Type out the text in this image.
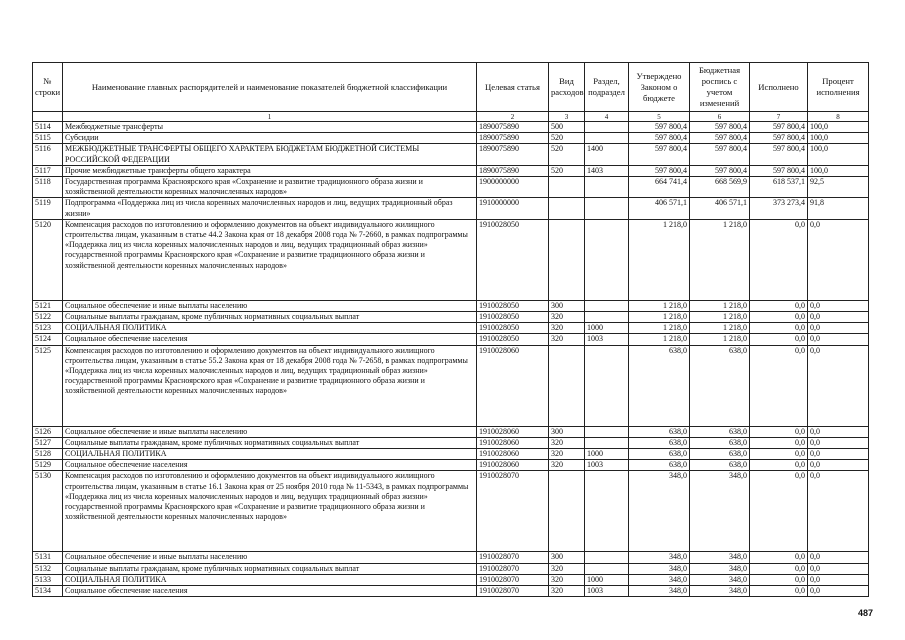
№ строки	Наименование главных распорядителей и наименование показателей бюджетной классификации	Целевая статья	Вид расходов	Раздел, подраздел	Утверждено Законом о бюджете	Бюджетная роспись с учетом изменений	Исполнено	Процент исполнения
	1	2	3	4	5	6	7	8
5114	Межбюджетные трансферты	1890075890	500		597 800,4	597 800,4	597 800,4	100,0
5115	Субсидии	1890075890	520		597 800,4	597 800,4	597 800,4	100,0
5116	МЕЖБЮДЖЕТНЫЕ ТРАНСФЕРТЫ ОБЩЕГО ХАРАКТЕРА БЮДЖЕТАМ БЮДЖЕТНОЙ СИСТЕМЫ РОССИЙСКОЙ ФЕДЕРАЦИИ	1890075890	520	1400	597 800,4	597 800,4	597 800,4	100,0
5117	Прочие межбюджетные трансферты общего характера	1890075890	520	1403	597 800,4	597 800,4	597 800,4	100,0
5118	Государственная программа Красноярского края «Сохранение и развитие традиционного образа жизни и хозяйственной деятельности коренных малочисленных народов»	1900000000			664 741,4	668 569,9	618 537,1	92,5
5119	Подпрограмма «Поддержка лиц из числа коренных малочисленных народов и лиц, ведущих традиционный образ жизни»	1910000000			406 571,1	406 571,1	373 273,4	91,8
5120	Компенсация расходов по изготовлению и оформлению документов на объект индивидуального жилищного строительства лицам, указанным в статье 44.2 Закона края от 18 декабря 2008 года № 7-2660, в рамках подпрограммы «Поддержка лиц из числа коренных малочисленных народов и лиц, ведущих традиционный образ жизни» государственной программы Красноярского края «Сохранение и развитие традиционного образа жизни и хозяйственной деятельности коренных малочисленных народов»	1910028050			1 218,0	1 218,0	0,0	0,0
5121	Социальное обеспечение и иные выплаты населению	1910028050	300		1 218,0	1 218,0	0,0	0,0
5122	Социальные выплаты гражданам, кроме публичных нормативных социальных выплат	1910028050	320		1 218,0	1 218,0	0,0	0,0
5123	СОЦИАЛЬНАЯ ПОЛИТИКА	1910028050	320	1000	1 218,0	1 218,0	0,0	0,0
5124	Социальное обеспечение населения	1910028050	320	1003	1 218,0	1 218,0	0,0	0,0
5125	Компенсация расходов по изготовлению и оформлению документов на объект индивидуального жилищного строительства лицам, указанным в статье 55.2 Закона края от 18 декабря 2008 года № 7-2658, в рамках подпрограммы «Поддержка лиц из числа коренных малочисленных народов и лиц, ведущих традиционный образ жизни» государственной программы Красноярского края «Сохранение и развитие традиционного образа жизни и хозяйственной деятельности коренных малочисленных народов»	1910028060			638,0	638,0	0,0	0,0
5126	Социальное обеспечение и иные выплаты населению	1910028060	300		638,0	638,0	0,0	0,0
5127	Социальные выплаты гражданам, кроме публичных нормативных социальных выплат	1910028060	320		638,0	638,0	0,0	0,0
5128	СОЦИАЛЬНАЯ ПОЛИТИКА	1910028060	320	1000	638,0	638,0	0,0	0,0
5129	Социальное обеспечение населения	1910028060	320	1003	638,0	638,0	0,0	0,0
5130	Компенсация расходов по изготовлению и оформлению документов на объект индивидуального жилищного строительства лицам, указанным в статье 16.1 Закона края от 25 ноября 2010 года № 11-5343, в рамках подпрограммы «Поддержка лиц из числа коренных малочисленных народов и лиц, ведущих традиционный образ жизни» государственной программы Красноярского края «Сохранение и развитие традиционного образа жизни и хозяйственной деятельности коренных малочисленных народов»	1910028070			348,0	348,0	0,0	0,0
5131	Социальное обеспечение и иные выплаты населению	1910028070	300		348,0	348,0	0,0	0,0
5132	Социальные выплаты гражданам, кроме публичных нормативных социальных выплат	1910028070	320		348,0	348,0	0,0	0,0
5133	СОЦИАЛЬНАЯ ПОЛИТИКА	1910028070	320	1000	348,0	348,0	0,0	0,0
5134	Социальное обеспечение населения	1910028070	320	1003	348,0	348,0	0,0	0,0
487
